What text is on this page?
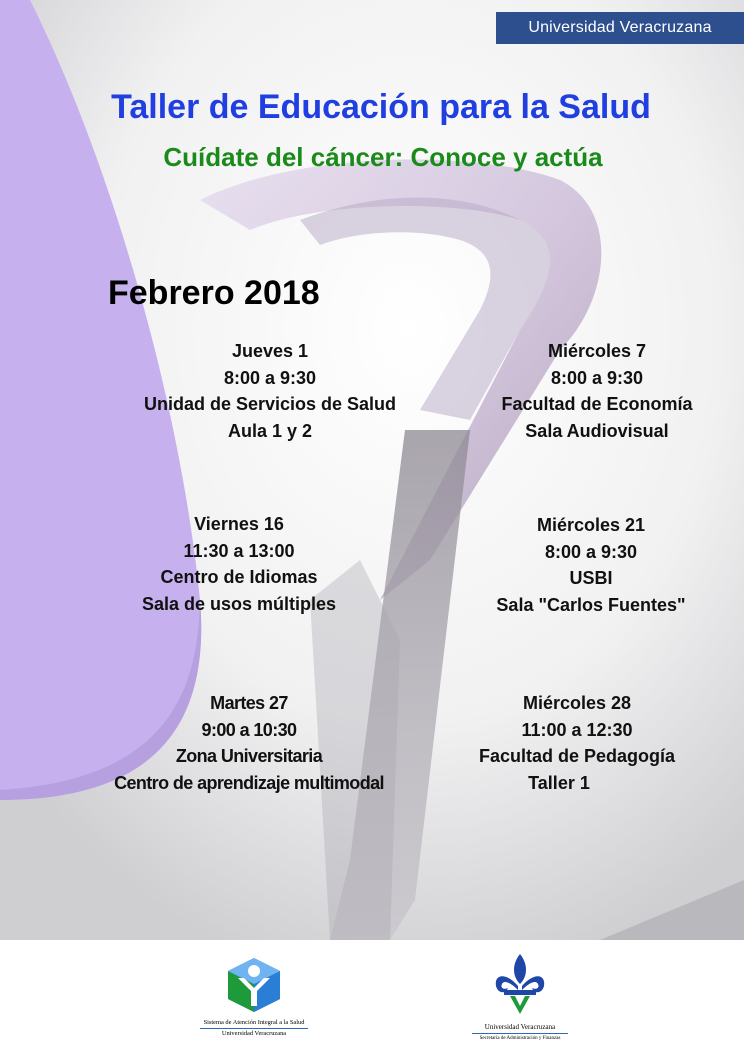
Universidad Veracruzana
Taller de Educación para la Salud
Cuídate del cáncer: Conoce y actúa
Febrero 2018
Jueves 1
8:00 a 9:30
Unidad de Servicios de Salud
Aula 1 y 2
Miércoles 7
8:00 a 9:30
Facultad de Economía
Sala Audiovisual
Viernes 16
11:30 a 13:00
Centro de Idiomas
Sala de usos múltiples
Miércoles 21
8:00 a 9:30
USBI
Sala "Carlos Fuentes"
Martes 27
9:00 a 10:30
Zona Universitaria
Centro de aprendizaje multimodal
Miércoles 28
11:00 a 12:30
Facultad de Pedagogía
Taller 1
Sistema de Atención Integral a la Salud
Universidad Veracruzana
Universidad Veracruzana
Secretaría de Administración y Finanzas
